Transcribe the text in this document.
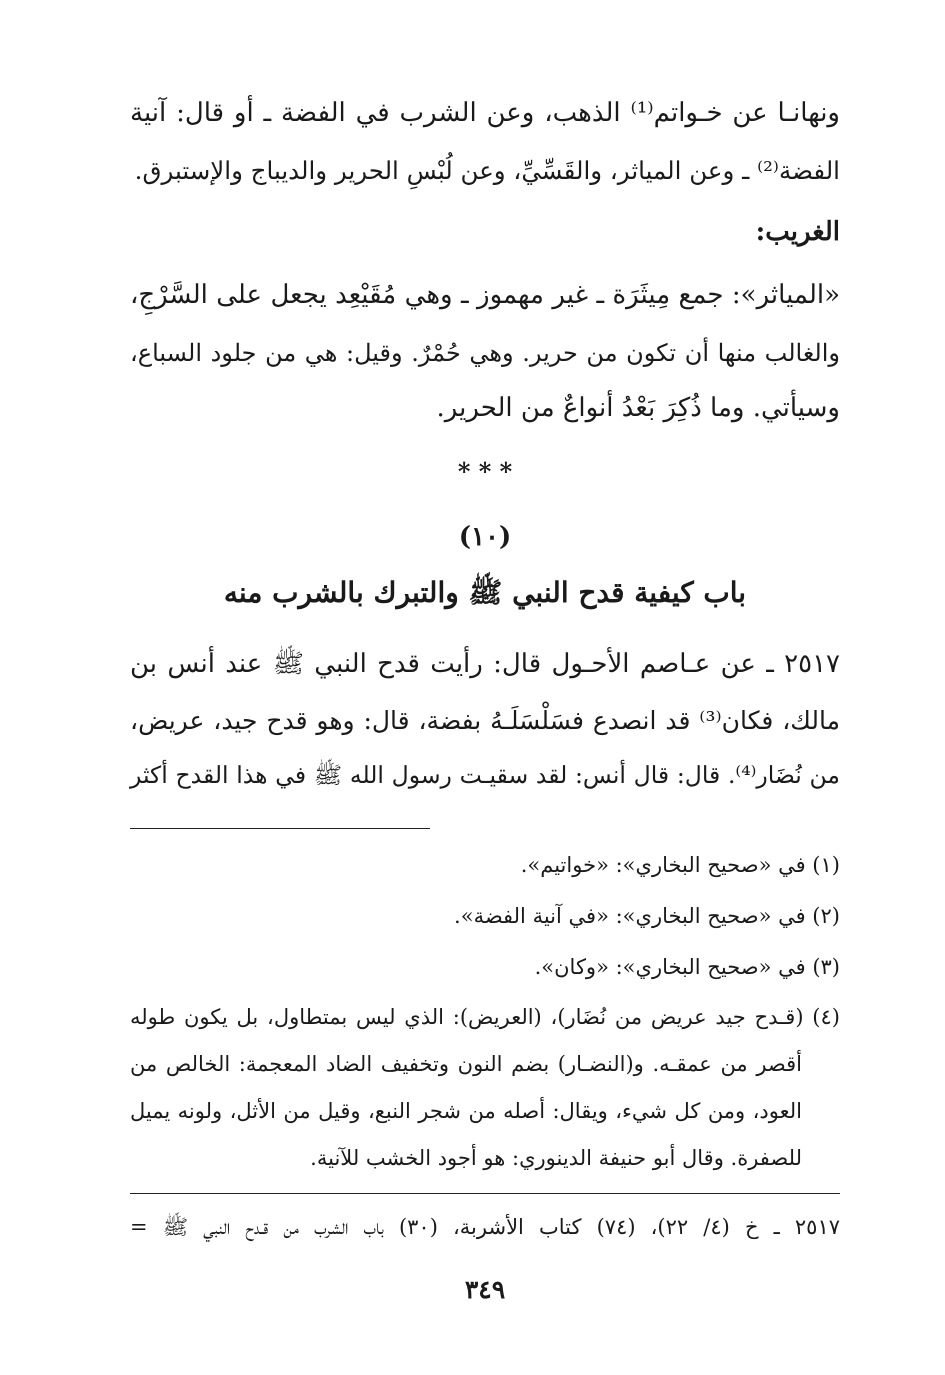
ونهانـا عن خـواتم⁽¹⁾ الذهب، وعن الشرب في الفضة ـ أو قال: آنية
الفضة⁽²⁾ ـ وعن المياثر، والقَسِّيِّ، وعن لُبْسِ الحرير والديباج والإستبرق.
الغريب:
«المياثر»: جمع مِيثَرَة ـ غير مهموز ـ وهي مُقَيْعِد يجعل على السَّرْجِ،
والغالب منها أن تكون من حرير. وهي حُمْرٌ. وقيل: هي من جلود السباع،
وسيأتي. وما ذُكِرَ بَعْدُ أنواعٌ من الحرير.
* * *
(١٠)
باب كيفية قدح النبي ﷺ والتبرك بالشرب منه
٢٥١٧ ـ عن عـاصم الأحـول قال: رأيت قدح النبي ﷺ عند أنس بن
مالك، فكان⁽³⁾ قد انصدع فسَلْسَلَـهُ بفضة، قال: وهو قدح جيد، عريض،
من نُضَار⁽⁴⁾. قال: قال أنس: لقد سقيـت رسول الله ﷺ في هذا القدح أكثر
(١) في «صحيح البخاري»: «خواتيم».
(٢) في «صحيح البخاري»: «في آنية الفضة».
(٣) في «صحيح البخاري»: «وكان».
(٤) (قـدح جيد عريض من نُضَار)، (العريض): الذي ليس بمتطاول، بل يكون طوله
أقصر من عمقـه. و(النضـار) بضم النون وتخفيف الضاد المعجمة: الخالص من
العود، ومن كل شيء، ويقال: أصله من شجر النبع، وقيل من الأثل، ولونه يميل
للصفرة. وقال أبو حنيفة الدينوري: هو أجود الخشب للآنية.
٢٥١٧ ـ خ (٤/ ٢٢)، (٧٤) كتاب الأشربة، (٣٠) باب الشرب من قـدح النبي ﷺ =
٣٤٩
